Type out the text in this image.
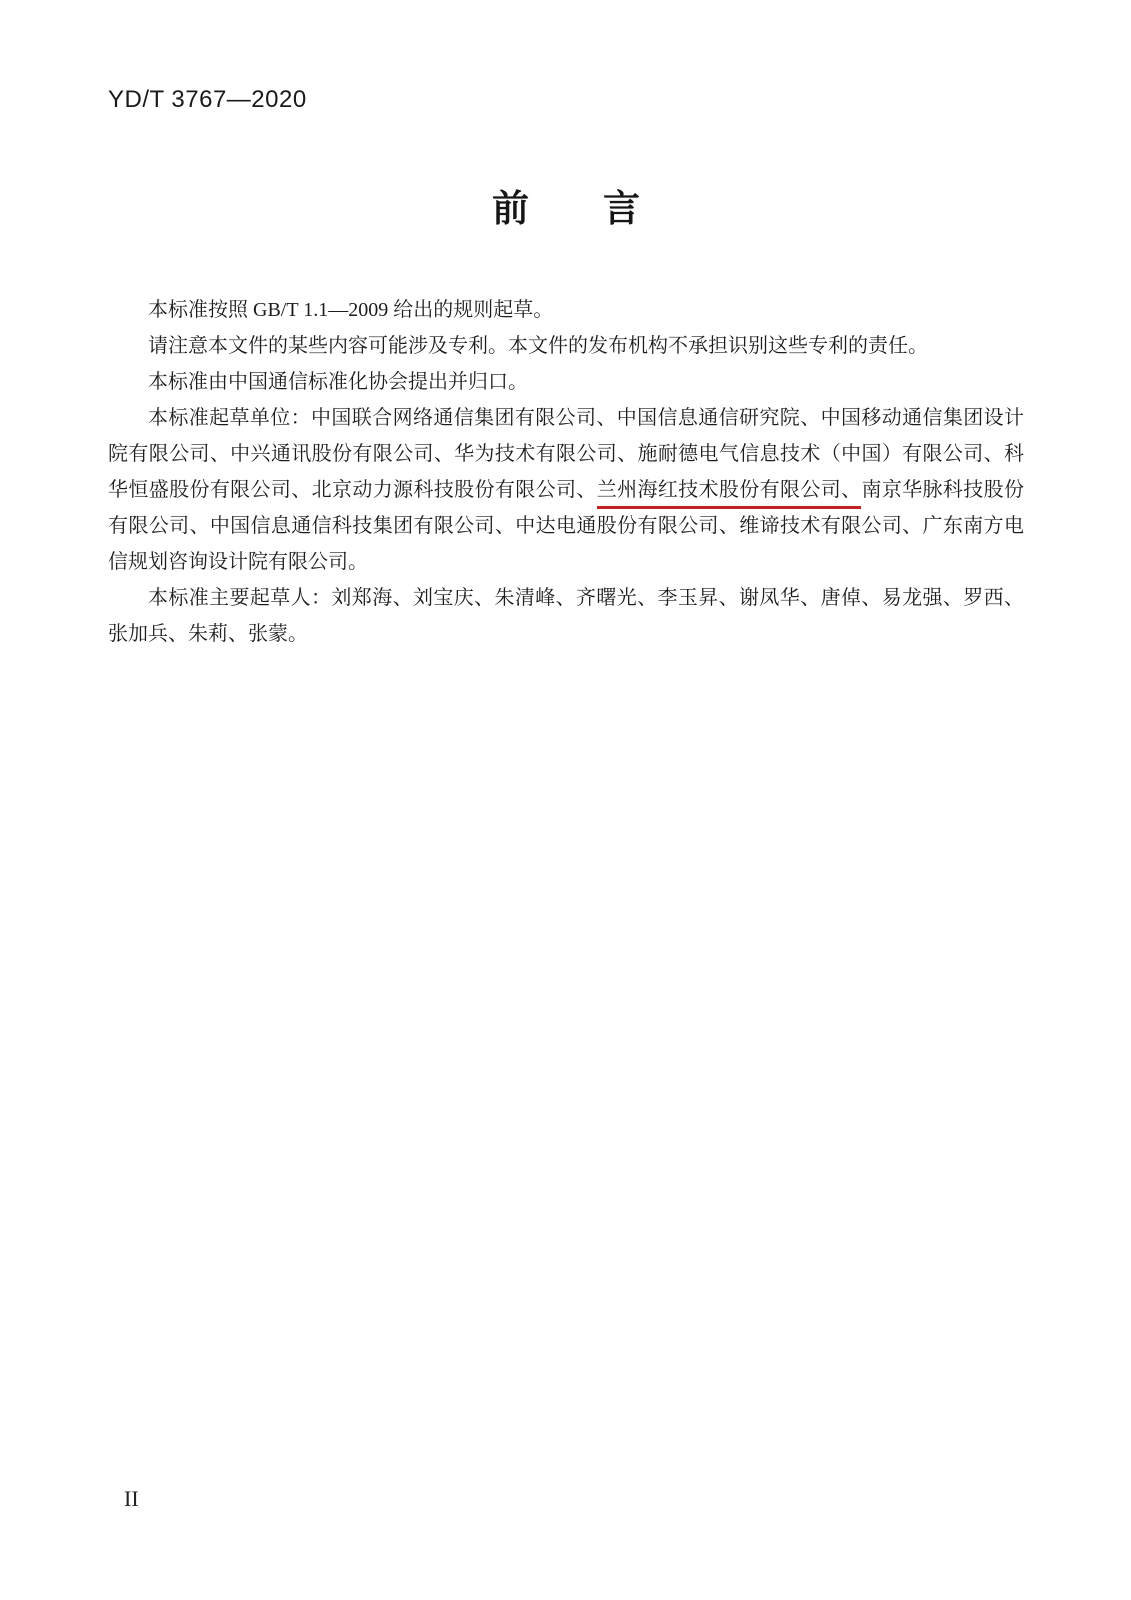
YD/T 3767—2020
前　　言

本标准按照 GB/T 1.1—2009 给出的规则起草。

请注意本文件的某些内容可能涉及专利。本文件的发布机构不承担识别这些专利的责任。

本标准由中国通信标准化协会提出并归口。

本标准起草单位：中国联合网络通信集团有限公司、中国信息通信研究院、中国移动通信集团设计院有限公司、中兴通讯股份有限公司、华为技术有限公司、施耐德电气信息技术（中国）有限公司、科华恒盛股份有限公司、北京动力源科技股份有限公司、兰州海红技术股份有限公司、南京华脉科技股份有限公司、中国信息通信科技集团有限公司、中达电通股份有限公司、维谛技术有限公司、广东南方电信规划咨询设计院有限公司。

本标准主要起草人：刘郑海、刘宝庆、朱清峰、齐曙光、李玉昇、谢凤华、唐倬、易龙强、罗西、张加兵、朱莉、张蒙。

II
